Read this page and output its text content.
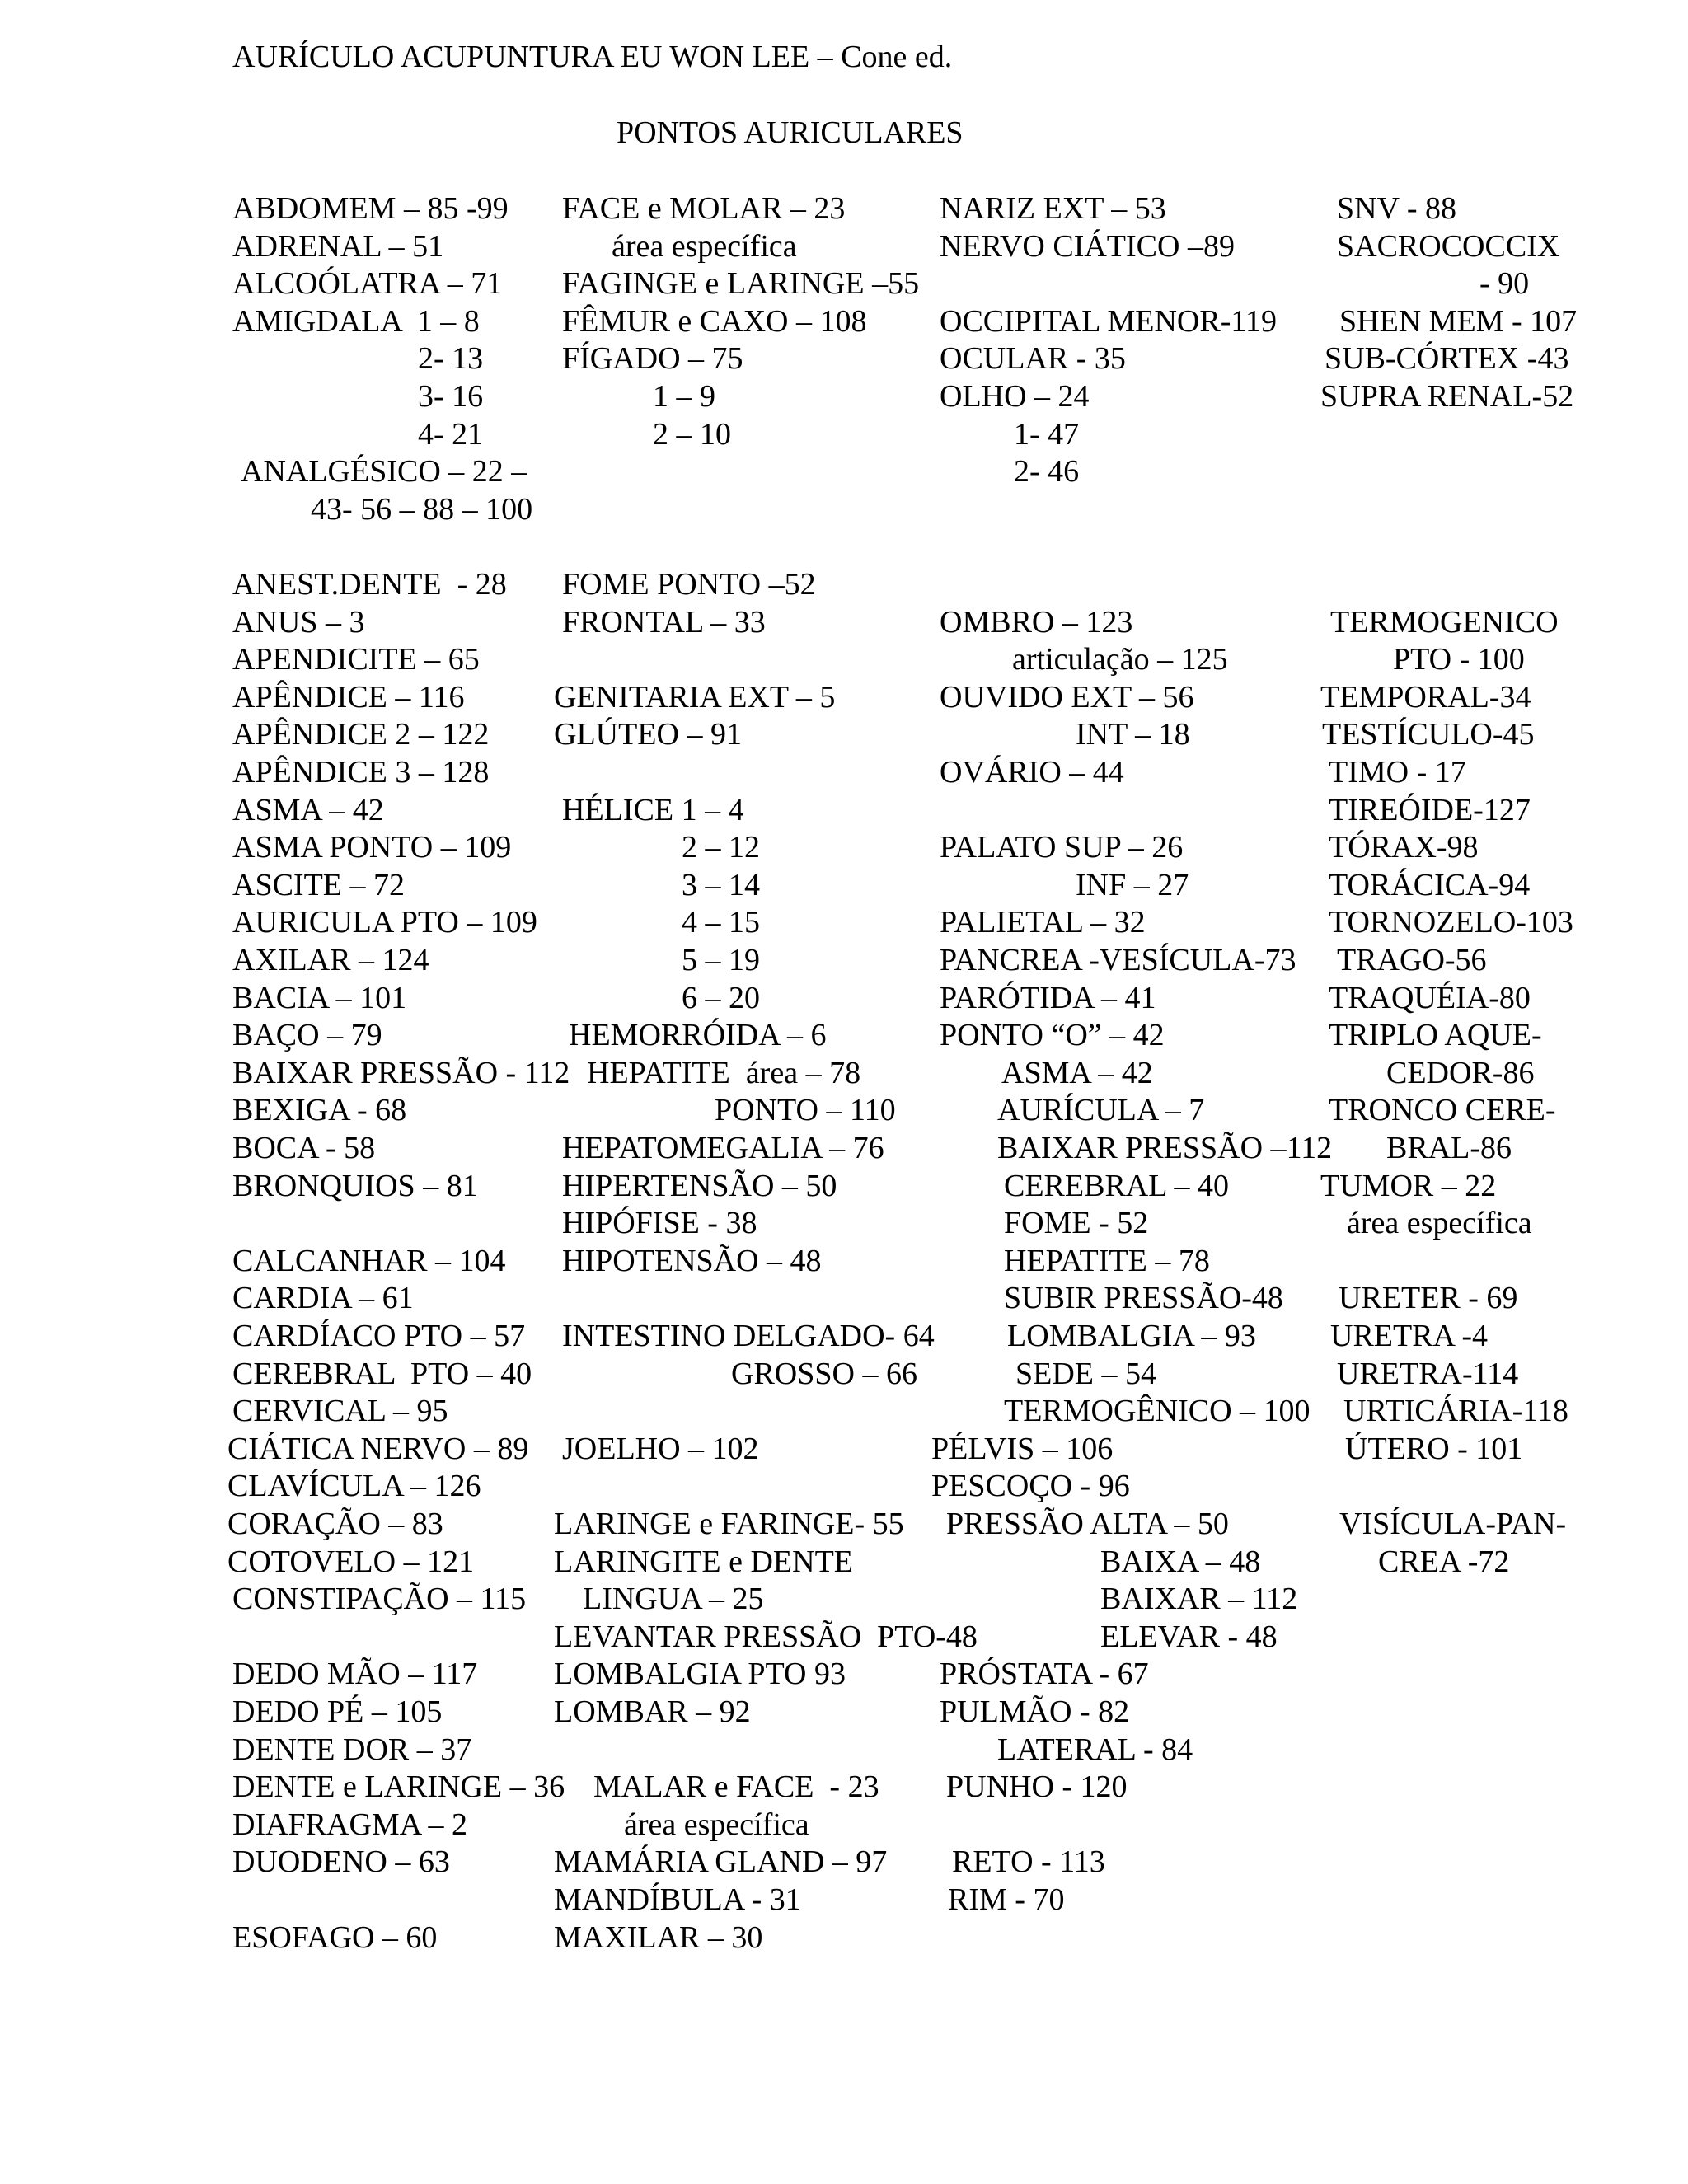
AURÍCULO ACUPUNTURA EU WON LEE – Cone ed.
PONTOS AURICULARES
ABDOMEM – 85 -99
ADRENAL – 51
ALCOÓLATRA – 71
AMIGDALA  1 – 8
2- 13
3- 16
4- 21
ANALGÉSICO – 22 –
43- 56 – 88 – 100
ANEST.DENTE  - 28
ANUS – 3
APENDICITE – 65
APÊNDICE – 116
APÊNDICE 2 – 122
APÊNDICE 3 – 128
ASMA – 42
ASMA PONTO – 109
ASCITE – 72
AURICULA PTO – 109
AXILAR – 124
BACIA – 101
BAÇO – 79
BAIXAR PRESSÃO - 112
BEXIGA - 68
BOCA - 58
BRONQUIOS – 81
CALCANHAR – 104
CARDIA – 61
CARDÍACO PTO – 57
CEREBRAL  PTO – 40
CERVICAL – 95
CIÁTICA NERVO – 89
CLAVÍCULA – 126
CORAÇÃO – 83
COTOVELO – 121
CONSTIPAÇÃO – 115
DEDO MÃO – 117
DEDO PÉ – 105
DENTE DOR – 37
DENTE e LARINGE – 36
DIAFRAGMA – 2
DUODENO – 63
ESOFAGO – 60
FACE e MOLAR – 23
área específica
FAGINGE e LARINGE –55
FÊMUR e CAXO – 108
FÍGADO – 75
1 – 9
2 – 10
FOME PONTO –52
FRONTAL – 33
GENITARIA EXT – 5
GLÚTEO – 91
HÉLICE 1 – 4
2 – 12
3 – 14
4 – 15
5 – 19
6 – 20
HEMORRÓIDA – 6
HEPATITE  área – 78
PONTO – 110
HEPATOMEGALIA – 76
HIPERTENSÃO – 50
HIPÓFISE - 38
HIPOTENSÃO – 48
INTESTINO DELGADO- 64
GROSSO – 66
JOELHO – 102
LARINGE e FARINGE- 55
LARINGITE e DENTE
LINGUA – 25
LEVANTAR PRESSÃO  PTO-48
LOMBALGIA PTO 93
LOMBAR – 92
MALAR e FACE  - 23
área específica
MAMÁRIA GLAND – 97
MANDÍBULA - 31
MAXILAR – 30
NARIZ EXT – 53
NERVO CIÁTICO –89
OCCIPITAL MENOR-119
OCULAR - 35
OLHO – 24
1- 47
2- 46
OMBRO – 123
articulação – 125
OUVIDO EXT – 56
INT – 18
OVÁRIO – 44
PALATO SUP – 26
INF – 27
PALIETAL – 32
PANCREA -VESÍCULA-73
PARÓTIDA – 41
PONTO “O” – 42
ASMA – 42
AURÍCULA – 7
BAIXAR PRESSÃO –112
CEREBRAL – 40
FOME - 52
HEPATITE – 78
SUBIR PRESSÃO-48
LOMBALGIA – 93
SEDE – 54
TERMOGÊNICO – 100
PÉLVIS – 106
PESCOÇO - 96
PRESSÃO ALTA – 50
BAIXA – 48
BAIXAR – 112
ELEVAR - 48
PRÓSTATA - 67
PULMÃO - 82
LATERAL - 84
PUNHO - 120
RETO - 113
RIM - 70
SNV - 88
SACROCOCCIX
- 90
SHEN MEM - 107
SUB-CÓRTEX -43
SUPRA RENAL-52
TERMOGENICO
PTO - 100
TEMPORAL-34
TESTÍCULO-45
TIMO - 17
TIREÓIDE-127
TÓRAX-98
TORÁCICA-94
TORNOZELO-103
TRAGO-56
TRAQUÉIA-80
TRIPLO AQUE-
CEDOR-86
TRONCO CERE-
BRAL-86
TUMOR – 22
área específica
URETER - 69
URETRA -4
URETRA-114
URTICÁRIA-118
ÚTERO - 101
VISÍCULA-PAN-
CREA -72
